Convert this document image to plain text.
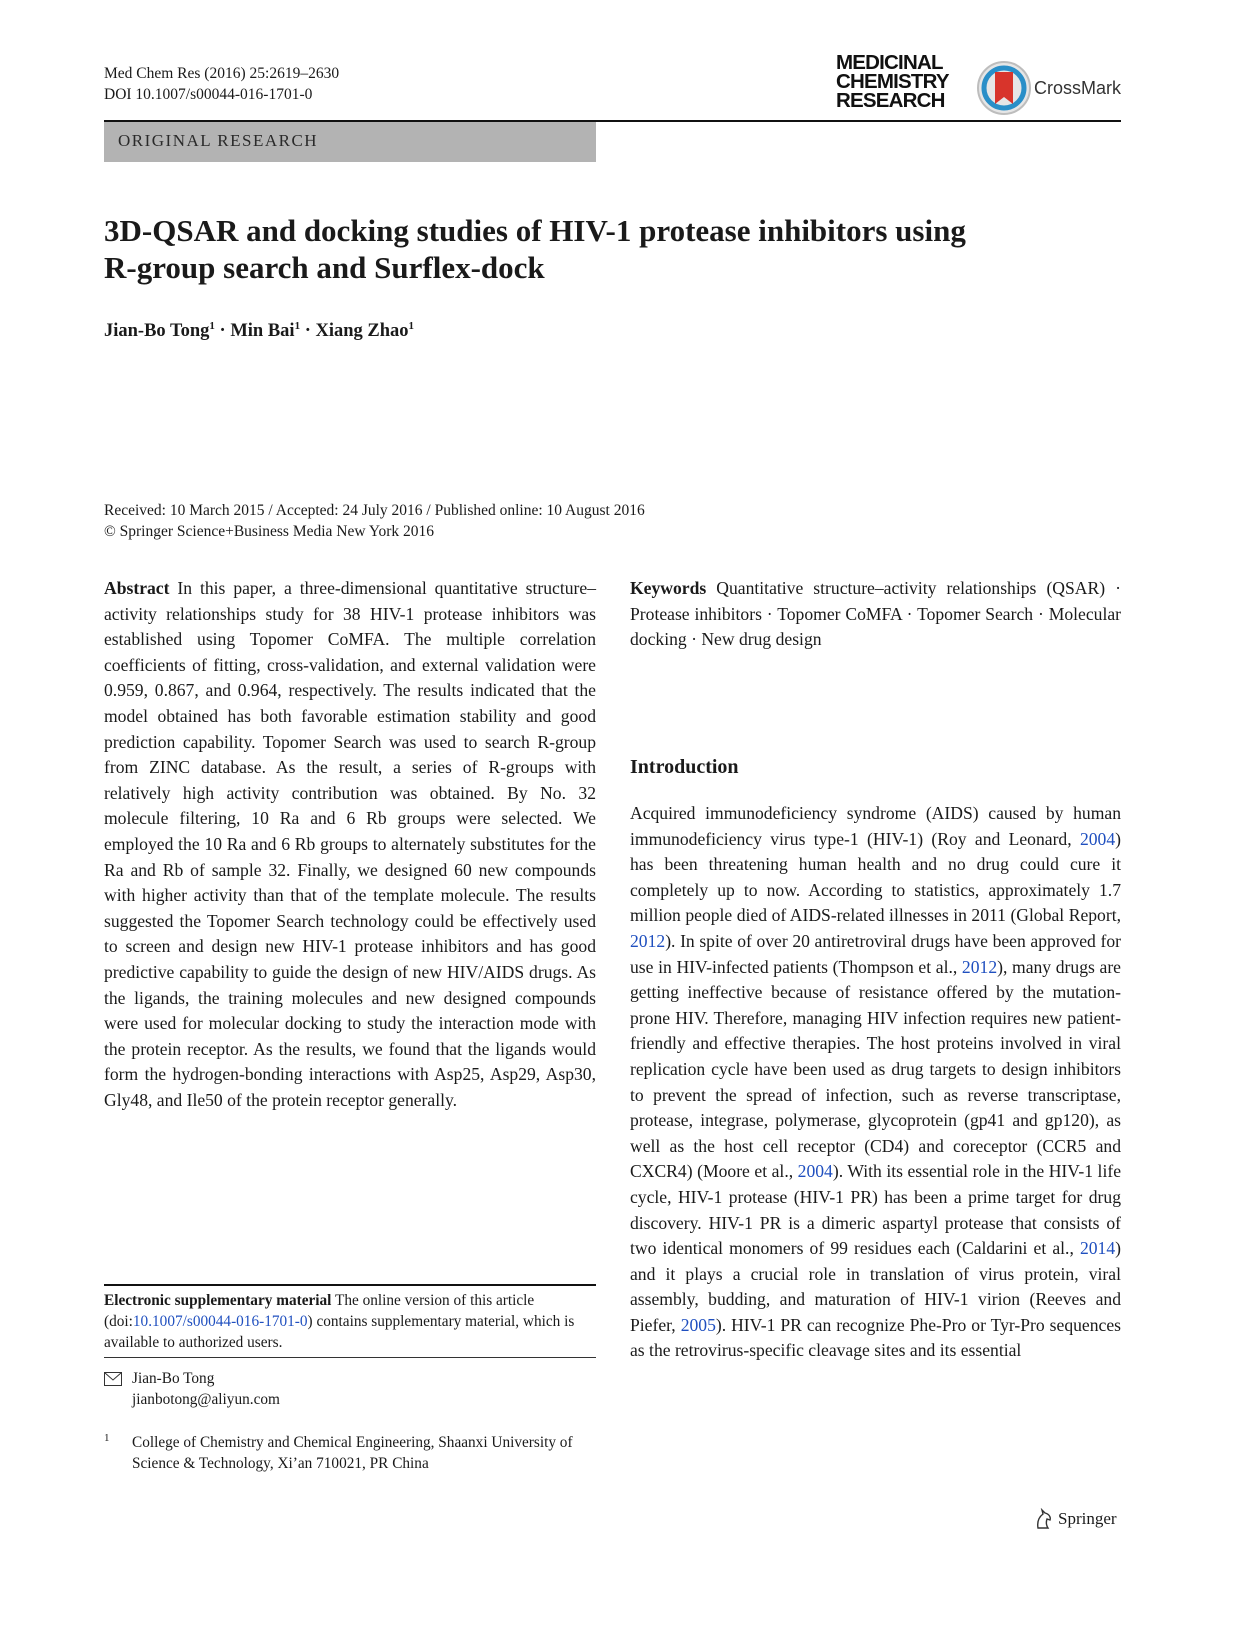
Med Chem Res (2016) 25:2619–2630
DOI 10.1007/s00044-016-1701-0
MEDICINAL
CHEMISTRY
RESEARCH
CrossMark
ORIGINAL RESEARCH
3D-QSAR and docking studies of HIV-1 protease inhibitors using
R-group search and Surflex-dock
Jian-Bo Tong$^1$ · Min Bai$^1$ · Xiang Zhao$^1$
Received: 10 March 2015 / Accepted: 24 July 2016 / Published online: 10 August 2016
© Springer Science+Business Media New York 2016
Abstract In this paper, a three-dimensional quantitative structure–activity relationships study for 38 HIV-1 protease inhibitors was established using Topomer CoMFA. The multiple correlation coefficients of fitting, cross-validation, and external validation were 0.959, 0.867, and 0.964, respectively. The results indicated that the model obtained has both favorable estimation stability and good prediction capability. Topomer Search was used to search R-group from ZINC database. As the result, a series of R-groups with relatively high activity contribution was obtained. By No. 32 molecule filtering, 10 Ra and 6 Rb groups were selected. We employed the 10 Ra and 6 Rb groups to alternately substitutes for the Ra and Rb of sample 32. Finally, we designed 60 new compounds with higher activity than that of the template molecule. The results suggested the Topomer Search technology could be effectively used to screen and design new HIV-1 protease inhibitors and has good predictive capability to guide the design of new HIV/AIDS drugs. As the ligands, the training molecules and new designed compounds were used for molecular docking to study the interaction mode with the protein receptor. As the results, we found that the ligands would form the hydrogen-bonding interactions with Asp25, Asp29, Asp30, Gly48, and Ile50 of the protein receptor generally.
Electronic supplementary material The online version of this article (doi:10.1007/s00044-016-1701-0) contains supplementary material, which is available to authorized users.
Jian-Bo Tong
jianbotong@aliyun.com
1 College of Chemistry and Chemical Engineering, Shaanxi University of Science & Technology, Xi’an 710021, PR China
Keywords Quantitative structure–activity relationships (QSAR) · Protease inhibitors · Topomer CoMFA · Topomer Search · Molecular docking · New drug design
Introduction
Acquired immunodeficiency syndrome (AIDS) caused by human immunodeficiency virus type-1 (HIV-1) (Roy and Leonard, 2004) has been threatening human health and no drug could cure it completely up to now. According to statistics, approximately 1.7 million people died of AIDS-related illnesses in 2011 (Global Report, 2012). In spite of over 20 antiretroviral drugs have been approved for use in HIV-infected patients (Thompson et al., 2012), many drugs are getting ineffective because of resistance offered by the mutation-prone HIV. Therefore, managing HIV infection requires new patient-friendly and effective therapies. The host proteins involved in viral replication cycle have been used as drug targets to design inhibitors to prevent the spread of infection, such as reverse transcriptase, protease, integrase, polymerase, glycoprotein (gp41 and gp120), as well as the host cell receptor (CD4) and coreceptor (CCR5 and CXCR4) (Moore et al., 2004). With its essential role in the HIV-1 life cycle, HIV-1 protease (HIV-1 PR) has been a prime target for drug discovery. HIV-1 PR is a dimeric aspartyl protease that consists of two identical monomers of 99 residues each (Caldarini et al., 2014) and it plays a crucial role in translation of virus protein, viral assembly, budding, and maturation of HIV-1 virion (Reeves and Piefer, 2005). HIV-1 PR can recognize Phe-Pro or Tyr-Pro sequences as the retrovirus-specific cleavage sites and its essential
Springer
